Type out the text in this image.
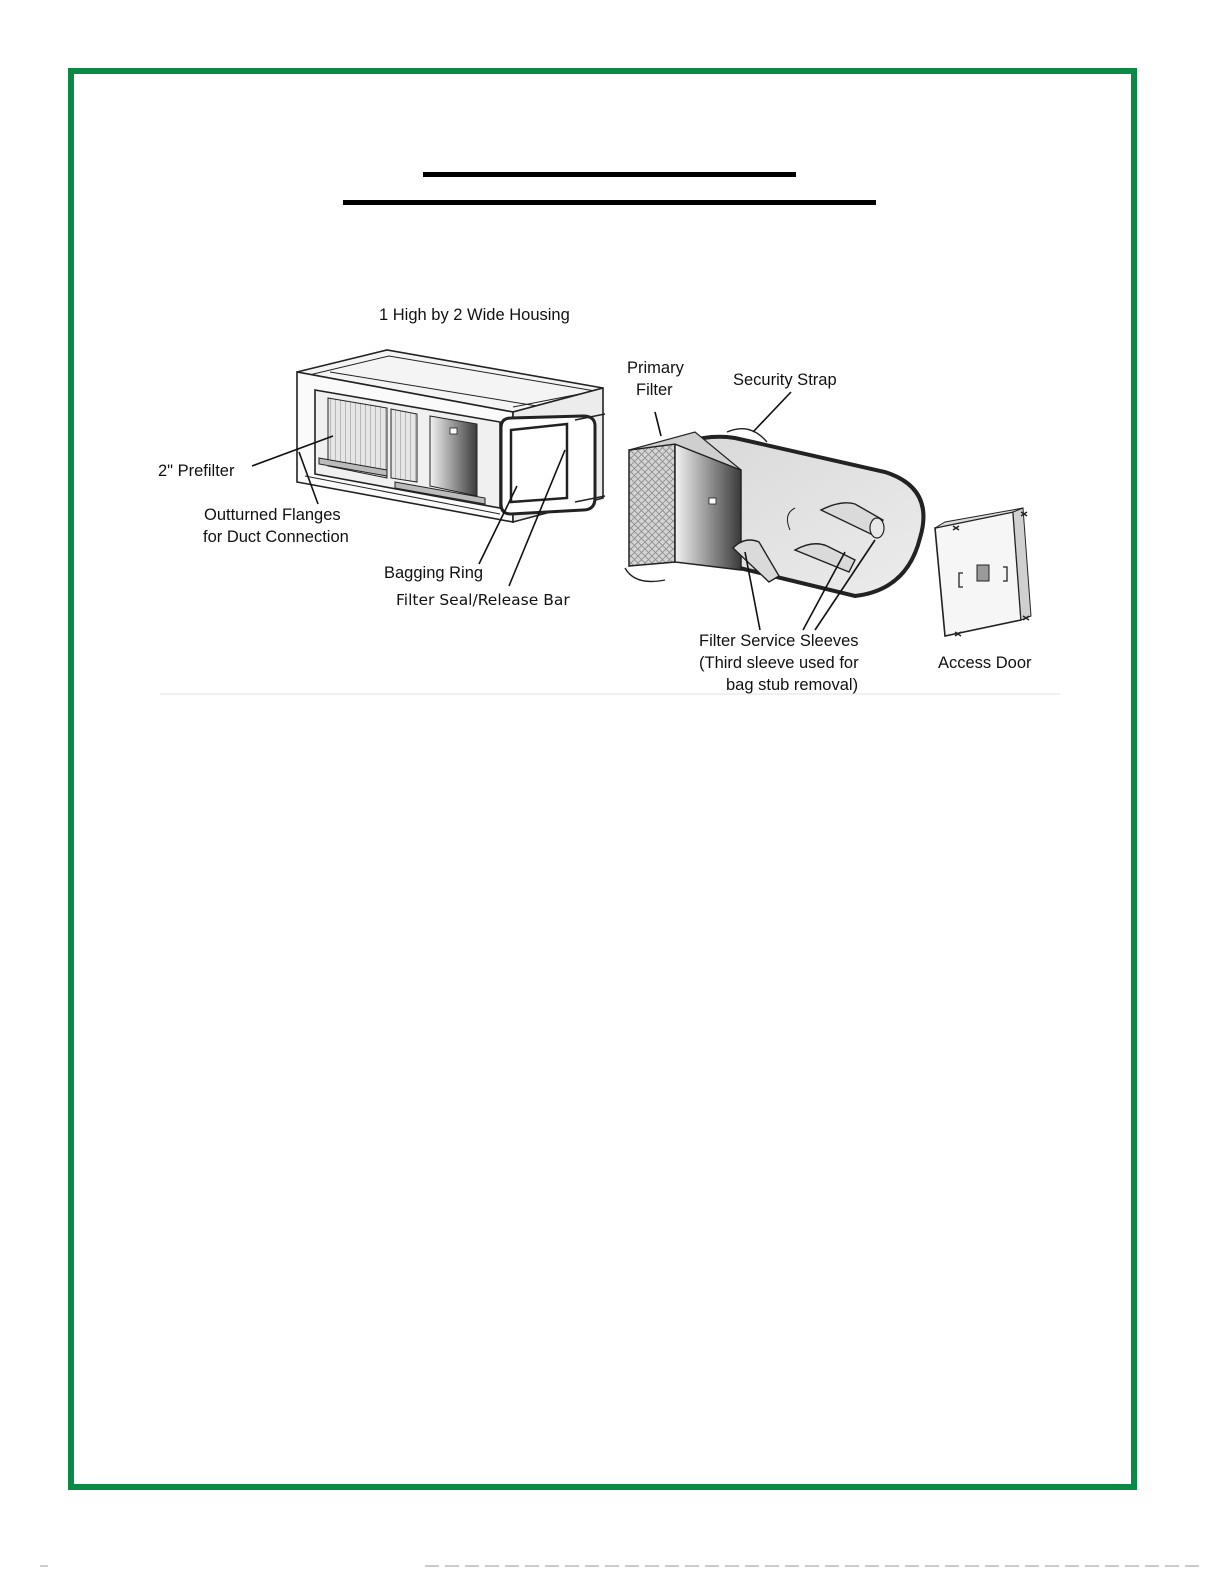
1 High by 2 Wide Housing
2" Prefilter
Outturned Flanges
for Duct Connection
Bagging Ring
Filter Seal/Release Bar
Primary
Filter
Security Strap
Filter Service Sleeves
(Third sleeve used for
bag stub removal)
Access Door
